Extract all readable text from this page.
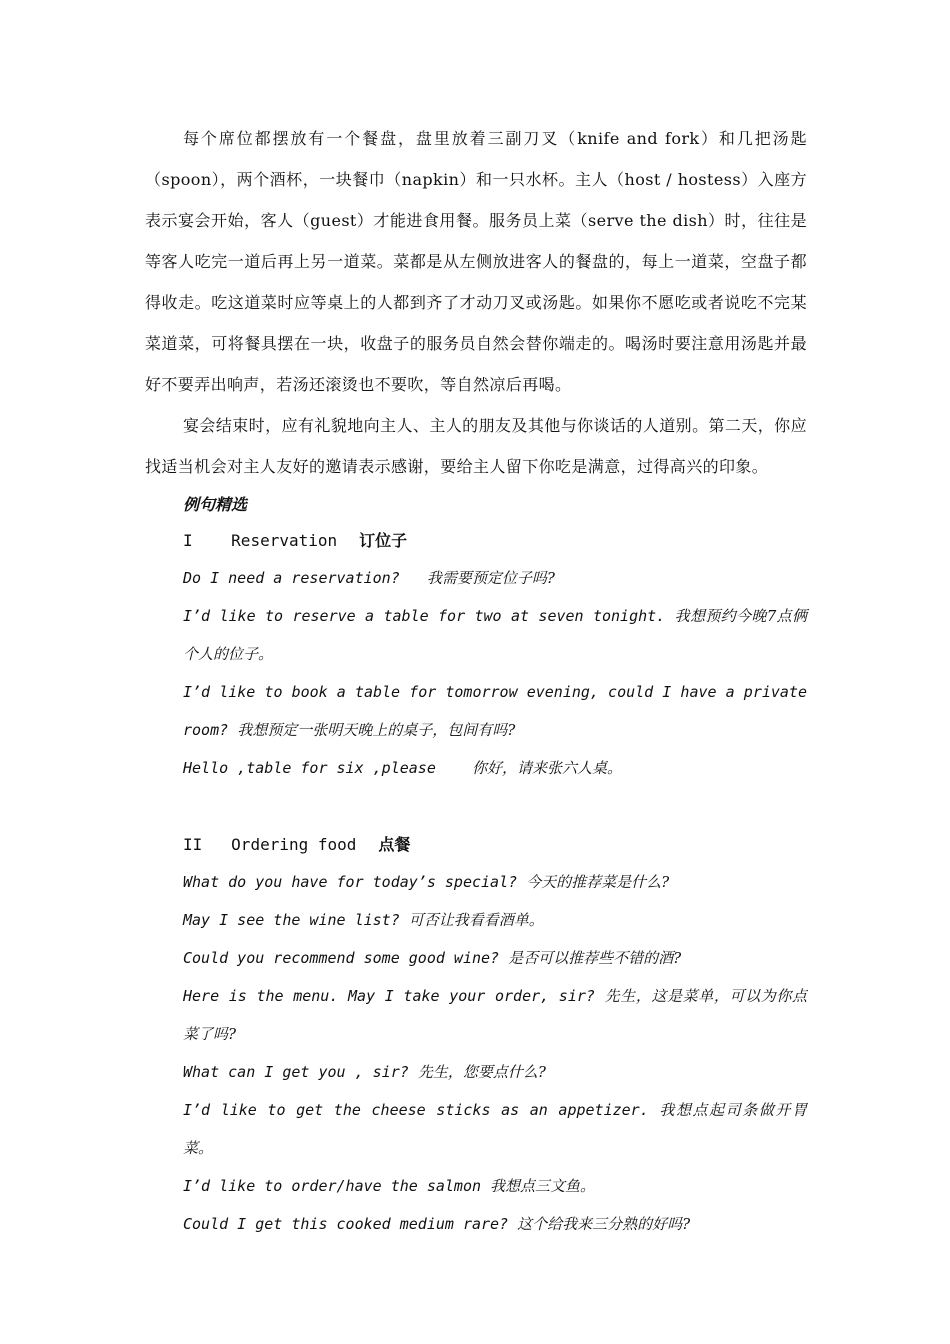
每个席位都摆放有一个餐盘，盘里放着三副刀叉（knife and fork）和几把汤匙（spoon），两个酒杯，一块餐巾（napkin）和一只水杯。主人（host / hostess）入座方表示宴会开始，客人（guest）才能进食用餐。服务员上菜（serve the dish）时，往往是等客人吃完一道后再上另一道菜。菜都是从左侧放进客人的餐盘的，每上一道菜，空盘子都得收走。吃这道菜时应等桌上的人都到齐了才动刀叉或汤匙。如果你不愿吃或者说吃不完某菜道菜，可将餐具摆在一块，收盘子的服务员自然会替你端走的。喝汤时要注意用汤匙并最好不要弄出响声，若汤还滚烫也不要吹，等自然凉后再喝。

宴会结束时，应有礼貌地向主人、主人的朋友及其他与你谈话的人道别。第二天，你应找适当机会对主人友好的邀请表示感谢，要给主人留下你吃是满意，过得高兴的印象。

例句精选

I Reservation 订位子

Do I need a reservation? 我需要预定位子吗?

I’d like to reserve a table for two at seven tonight. 我想预约今晚7点俩个人的位子。

I’d like to book a table for tomorrow evening, could I have a private room? 我想预定一张明天晚上的桌子，包间有吗?

Hello ,table for six ,please 你好，请来张六人桌。

II Ordering food 点餐

What do you have for today’s special? 今天的推荐菜是什么?

May I see the wine list? 可否让我看看酒单。

Could you recommend some good wine? 是否可以推荐些不错的酒?

Here is the menu. May I take your order, sir? 先生，这是菜单，可以为你点菜了吗?

What can I get you , sir? 先生，您要点什么?

I’d like to get the cheese sticks as an appetizer. 我想点起司条做开胃菜。

I’d like to order/have the salmon 我想点三文鱼。

Could I get this cooked medium rare? 这个给我来三分熟的好吗?
